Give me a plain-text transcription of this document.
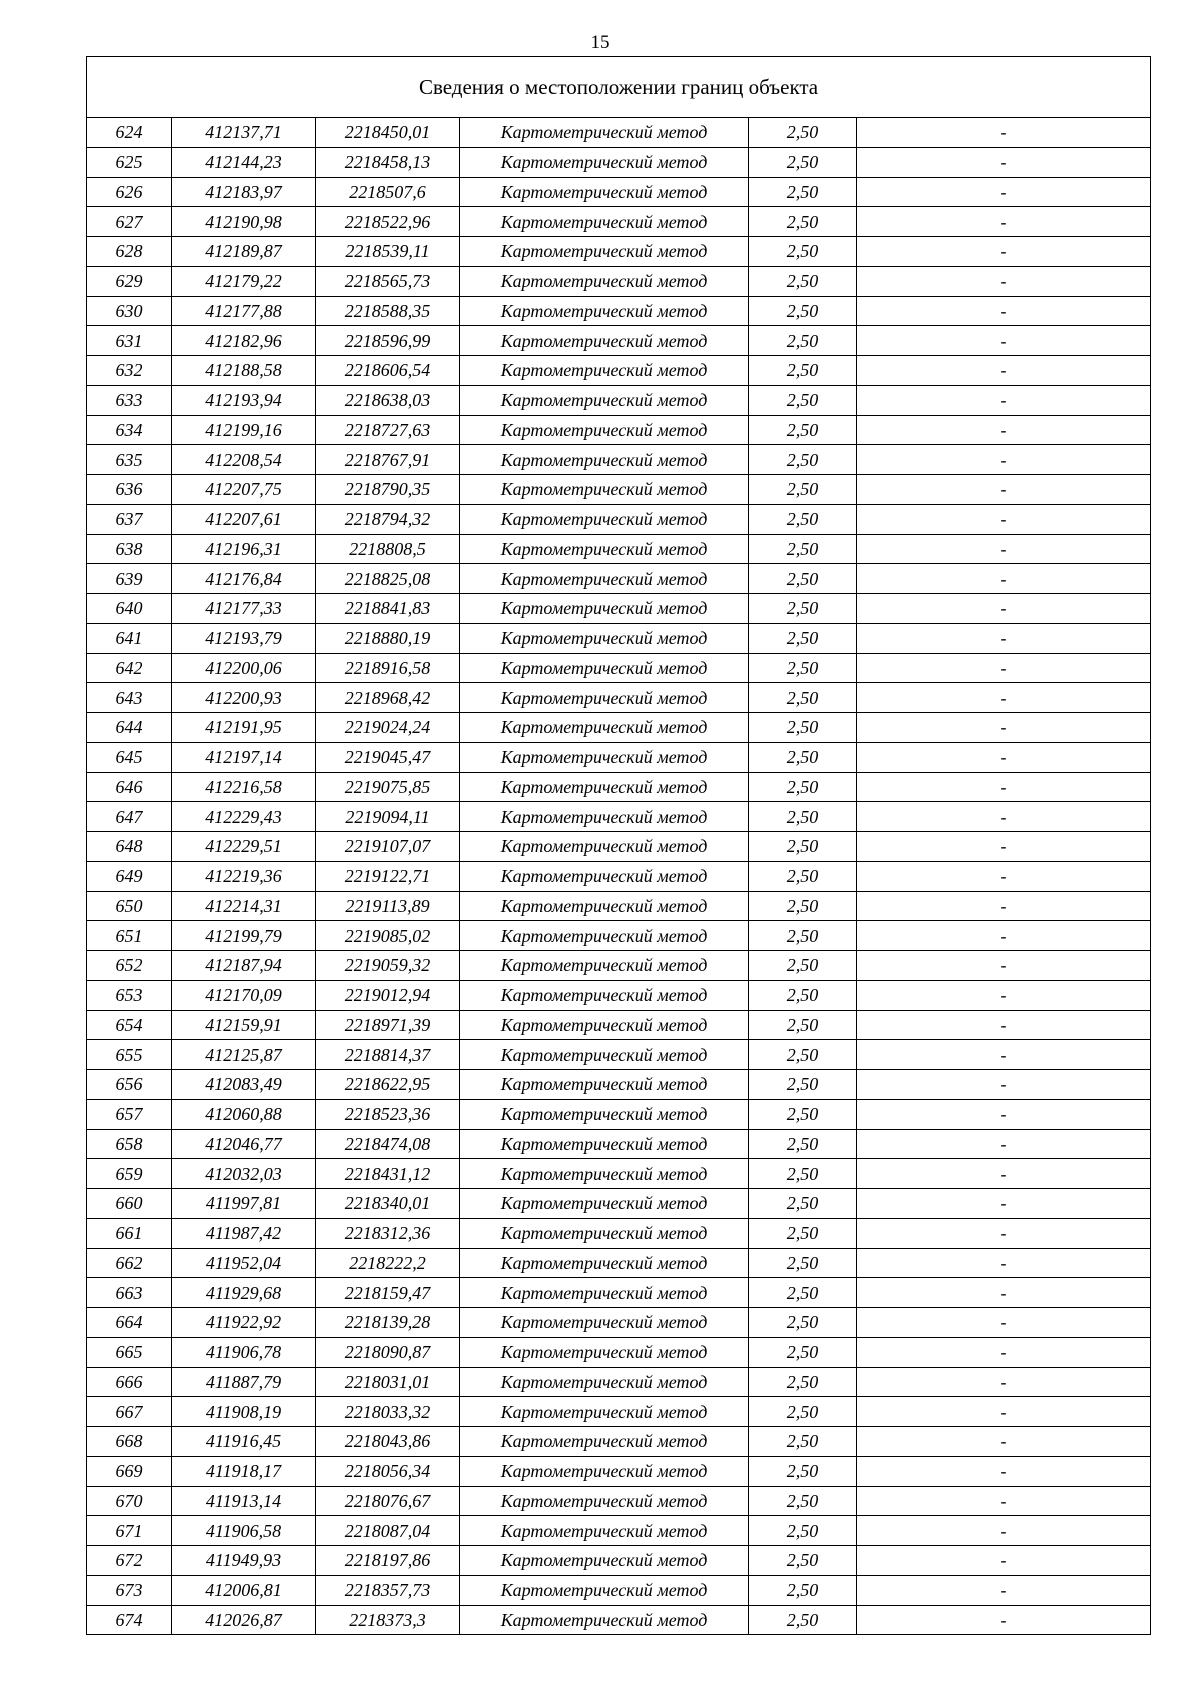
15
Сведения о местоположении границ объекта					
624	412137,71	2218450,01	Картометрический метод	2,50	-
625	412144,23	2218458,13	Картометрический метод	2,50	-
626	412183,97	2218507,6	Картометрический метод	2,50	-
627	412190,98	2218522,96	Картометрический метод	2,50	-
628	412189,87	2218539,11	Картометрический метод	2,50	-
629	412179,22	2218565,73	Картометрический метод	2,50	-
630	412177,88	2218588,35	Картометрический метод	2,50	-
631	412182,96	2218596,99	Картометрический метод	2,50	-
632	412188,58	2218606,54	Картометрический метод	2,50	-
633	412193,94	2218638,03	Картометрический метод	2,50	-
634	412199,16	2218727,63	Картометрический метод	2,50	-
635	412208,54	2218767,91	Картометрический метод	2,50	-
636	412207,75	2218790,35	Картометрический метод	2,50	-
637	412207,61	2218794,32	Картометрический метод	2,50	-
638	412196,31	2218808,5	Картометрический метод	2,50	-
639	412176,84	2218825,08	Картометрический метод	2,50	-
640	412177,33	2218841,83	Картометрический метод	2,50	-
641	412193,79	2218880,19	Картометрический метод	2,50	-
642	412200,06	2218916,58	Картометрический метод	2,50	-
643	412200,93	2218968,42	Картометрический метод	2,50	-
644	412191,95	2219024,24	Картометрический метод	2,50	-
645	412197,14	2219045,47	Картометрический метод	2,50	-
646	412216,58	2219075,85	Картометрический метод	2,50	-
647	412229,43	2219094,11	Картометрический метод	2,50	-
648	412229,51	2219107,07	Картометрический метод	2,50	-
649	412219,36	2219122,71	Картометрический метод	2,50	-
650	412214,31	2219113,89	Картометрический метод	2,50	-
651	412199,79	2219085,02	Картометрический метод	2,50	-
652	412187,94	2219059,32	Картометрический метод	2,50	-
653	412170,09	2219012,94	Картометрический метод	2,50	-
654	412159,91	2218971,39	Картометрический метод	2,50	-
655	412125,87	2218814,37	Картометрический метод	2,50	-
656	412083,49	2218622,95	Картометрический метод	2,50	-
657	412060,88	2218523,36	Картометрический метод	2,50	-
658	412046,77	2218474,08	Картометрический метод	2,50	-
659	412032,03	2218431,12	Картометрический метод	2,50	-
660	411997,81	2218340,01	Картометрический метод	2,50	-
661	411987,42	2218312,36	Картометрический метод	2,50	-
662	411952,04	2218222,2	Картометрический метод	2,50	-
663	411929,68	2218159,47	Картометрический метод	2,50	-
664	411922,92	2218139,28	Картометрический метод	2,50	-
665	411906,78	2218090,87	Картометрический метод	2,50	-
666	411887,79	2218031,01	Картометрический метод	2,50	-
667	411908,19	2218033,32	Картометрический метод	2,50	-
668	411916,45	2218043,86	Картометрический метод	2,50	-
669	411918,17	2218056,34	Картометрический метод	2,50	-
670	411913,14	2218076,67	Картометрический метод	2,50	-
671	411906,58	2218087,04	Картометрический метод	2,50	-
672	411949,93	2218197,86	Картометрический метод	2,50	-
673	412006,81	2218357,73	Картометрический метод	2,50	-
674	412026,87	2218373,3	Картометрический метод	2,50	-
